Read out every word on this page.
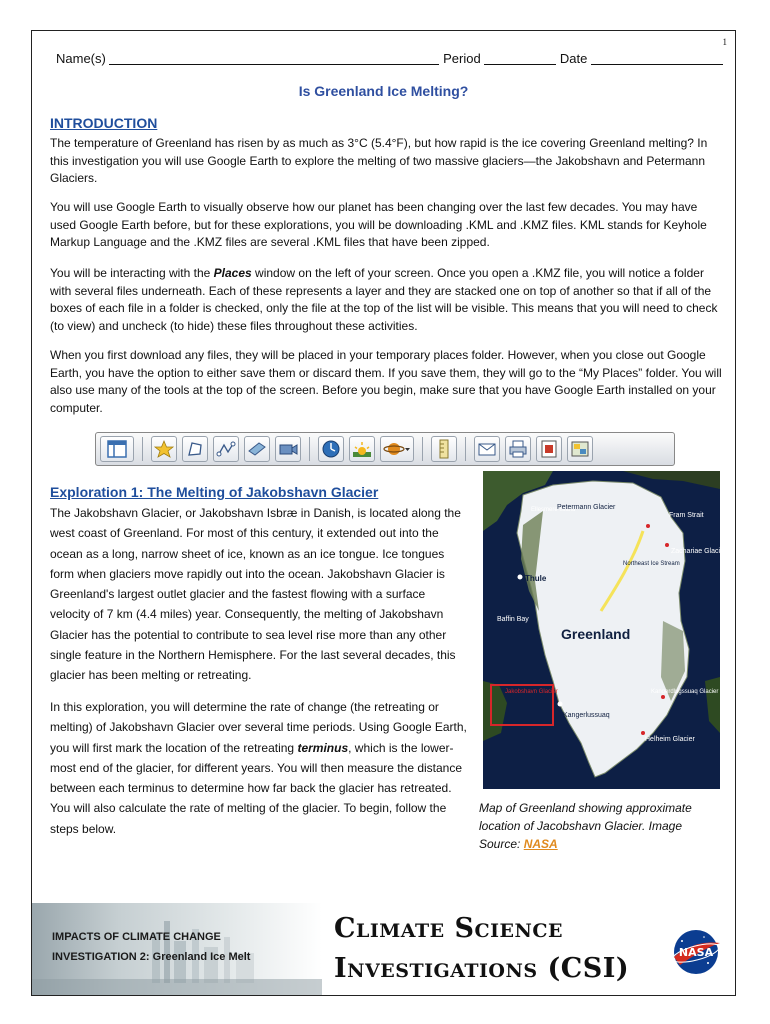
1
Name(s)	Period	Date
Is Greenland Ice Melting?
INTRODUCTION

The temperature of Greenland has risen by as much as 3°C (5.4°F), but how rapid is the ice covering Greenland melting? In this investigation you will use Google Earth to explore the melting of two massive glaciers—the Jakobshavn and Petermann Glaciers.

You will use Google Earth to visually observe how our planet has been changing over the last few decades. You may have used Google Earth before, but for these explorations, you will be downloading .KML and .KMZ files. KML stands for Keyhole Markup Language and the .KMZ files are several .KML files that have been zipped.

You will be interacting with the Places window on the left of your screen. Once you open a .KMZ file, you will notice a folder with several files underneath. Each of these represents a layer and they are stacked one on top of another so that if all of the boxes of each file in a folder is checked, only the file at the top of the list will be visible. This means that you will need to check (to view) and uncheck (to hide) these files throughout these activities.

When you first download any files, they will be placed in your temporary places folder. However, when you close out Google Earth, you have the option to either save them or discard them. If you save them, they will go to the “My Places” folder. You will also use many of the tools at the top of the screen. Before you begin, make sure that you have Google Earth installed on your computer.

Exploration 1: The Melting of Jakobshavn Glacier

The Jakobshavn Glacier, or Jakobshavn Isbræ in Danish, is located along the west coast of Greenland. For most of this century, it extended out into the ocean as a long, narrow sheet of ice, known as an ice tongue. Ice tongues form when glaciers move rapidly out into the ocean. Jakobshavn Glacier is Greenland's largest outlet glacier and the fastest flowing with a surface velocity of 7 km (4.4 miles) year. Consequently, the melting of Jakobshavn Glacier has the potential to contribute to sea level rise more than any other single feature in the Northern Hemisphere. For the last several decades, this glacier has been melting or retreating.

In this exploration, you will determine the rate of change (the retreating or melting) of Jakobshavn Glacier over several time periods. Using Google Earth, you will first mark the location of the retreating terminus, which is the lower-most end of the glacier, for different years. You will then measure the distance between each terminus to determine how far back the glacier has retreated. You will also calculate the rate of melting of the glacier. To begin, follow the steps below.

Ellesmere Island
Petermann Glacier
Fram Strait
Zachariae Glacier
Northeast Ice Stream
Thule
Baffin Bay
Greenland
Jakobshavn Glacier
Kangerlussuaq
Kangerdlugssuaq Glacier
Helheim Glacier

Map of Greenland showing approximate location of Jacobshavn Glacier. Image Source: NASA

IMPACTS OF CLIMATE CHANGE
INVESTIGATION 2: Greenland Ice Melt
Climate Science
Investigations (CSI)
NASA
